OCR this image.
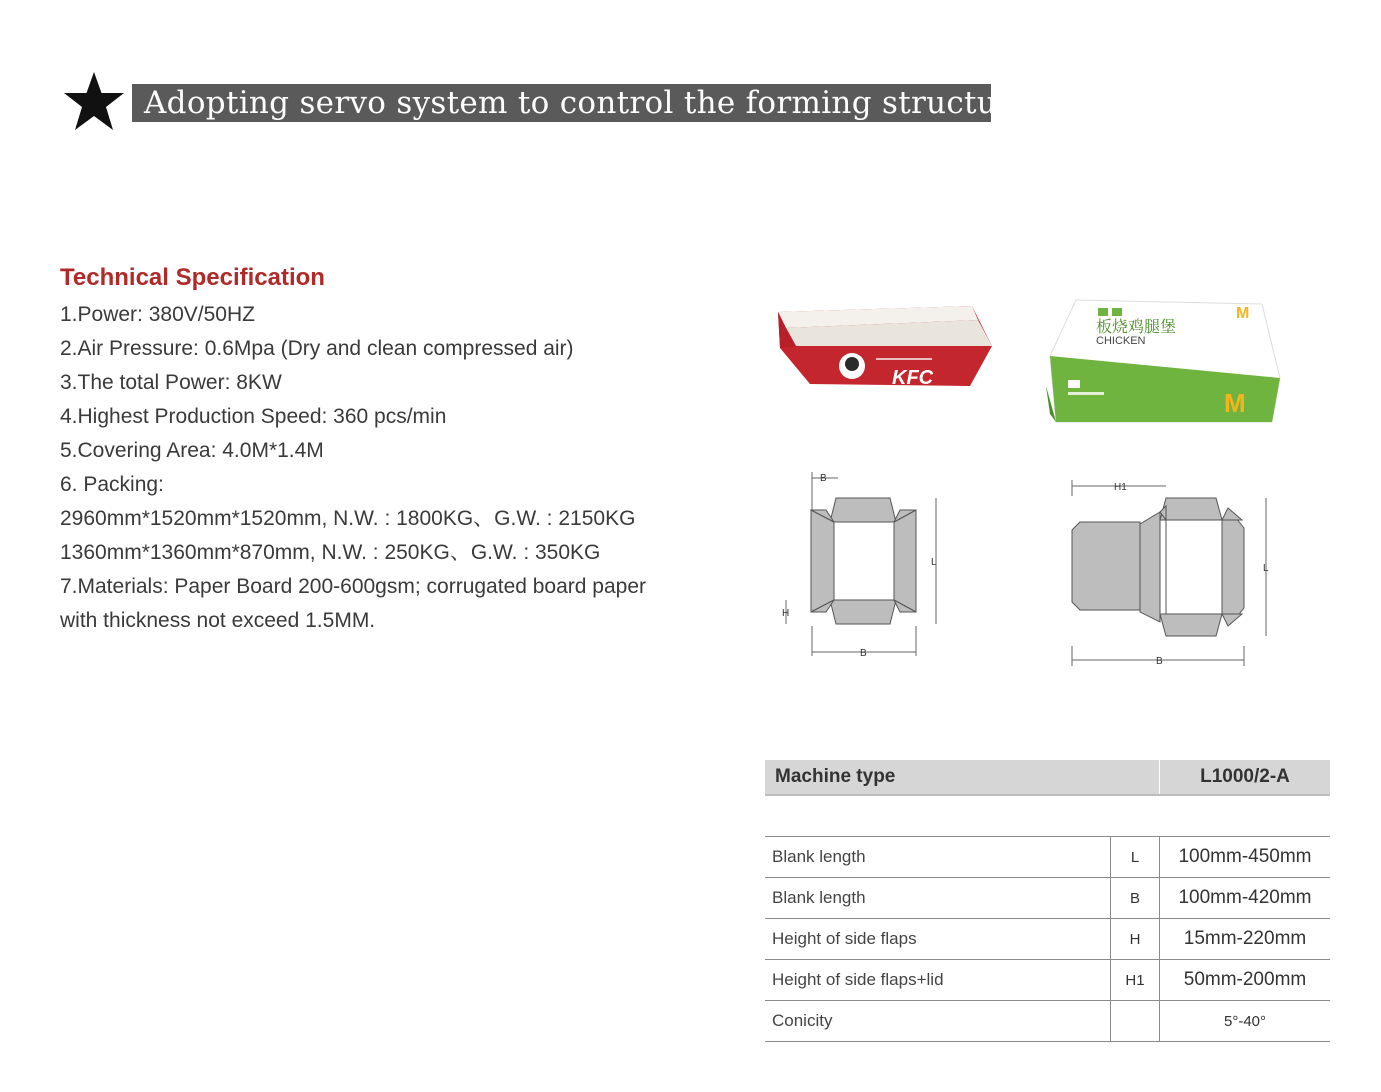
Adopting servo system to control the forming structure
Technical Specification
1.Power: 380V/50HZ
2.Air Pressure: 0.6Mpa (Dry and clean compressed air)
3.The total Power: 8KW
4.Highest Production Speed: 360 pcs/min
5.Covering Area: 4.0M*1.4M
6. Packing:
2960mm*1520mm*1520mm, N.W. : 1800KG、G.W. : 2150KG
1360mm*1360mm*870mm, N.W. : 250KG、G.W. : 350KG
7.Materials: Paper Board 200-600gsm; corrugated board paper
with thickness not exceed 1.5MM.
KFC
板烧鸡腿堡
CHICKEN
M
M
B
B
L
H
H1
B
L
Machine type		L1000/2-A

Blank length	L	100mm-450mm
Blank length	B	100mm-420mm
Height of side flaps	H	15mm-220mm
Height of side flaps+lid	H1	50mm-200mm
Conicity		5°-40°
